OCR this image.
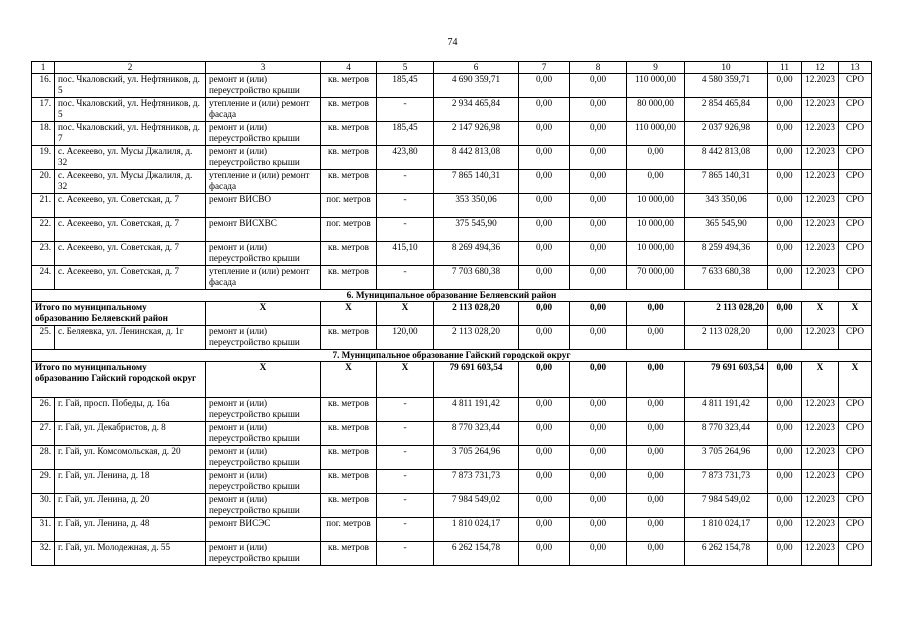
74
1	2	3	4	5	6	7	8	9	10	11	12	13
16.	пос. Чкаловский, ул. Нефтяников, д. 5	ремонт и (или) переустройство крыши	кв. метров	185,45	4 690 359,71	0,00	0,00	110 000,00	4 580 359,71	0,00	12.2023	СРО
17.	пос. Чкаловский, ул. Нефтяников, д. 5	утепление и (или) ремонт фасада	кв. метров	-	2 934 465,84	0,00	0,00	80 000,00	2 854 465,84	0,00	12.2023	СРО
18.	пос. Чкаловский, ул. Нефтяников, д. 7	ремонт и (или) переустройство крыши	кв. метров	185,45	2 147 926,98	0,00	0,00	110 000,00	2 037 926,98	0,00	12.2023	СРО
19.	с. Асекеево, ул. Мусы Джалиля, д. 32	ремонт и (или) переустройство крыши	кв. метров	423,80	8 442 813,08	0,00	0,00	0,00	8 442 813,08	0,00	12.2023	СРО
20.	с. Асекеево, ул. Мусы Джалиля, д. 32	утепление и (или) ремонт фасада	кв. метров	-	7 865 140,31	0,00	0,00	0,00	7 865 140,31	0,00	12.2023	СРО
21.	с. Асекеево, ул. Советская, д. 7	ремонт ВИСВО	пог. метров	-	353 350,06	0,00	0,00	10 000,00	343 350,06	0,00	12.2023	СРО
22.	с. Асекеево, ул. Советская, д. 7	ремонт ВИСХВС	пог. метров	-	375 545,90	0,00	0,00	10 000,00	365 545,90	0,00	12.2023	СРО
23.	с. Асекеево, ул. Советская, д. 7	ремонт и (или) переустройство крыши	кв. метров	415,10	8 269 494,36	0,00	0,00	10 000,00	8 259 494,36	0,00	12.2023	СРО
24.	с. Асекеево, ул. Советская, д. 7	утепление и (или) ремонт фасада	кв. метров	-	7 703 680,38	0,00	0,00	70 000,00	7 633 680,38	0,00	12.2023	СРО
6. Муниципальное образование Беляевский район												
Итого по муниципальному образованию Беляевский район		Х	Х	Х	2 113 028,20	0,00	0,00	0,00	2 113 028,20	0,00	Х	Х
25.	с. Беляевка, ул. Ленинская, д. 1г	ремонт и (или) переустройство крыши	кв. метров	120,00	2 113 028,20	0,00	0,00	0,00	2 113 028,20	0,00	12.2023	СРО
7. Муниципальное образование Гайский городской округ												
Итого по муниципальному образованию Гайский городской округ		Х	Х	Х	79 691 603,54	0,00	0,00	0,00	79 691 603,54	0,00	Х	Х
26.	г. Гай, просп. Победы, д. 16а	ремонт и (или) переустройство крыши	кв. метров	-	4 811 191,42	0,00	0,00	0,00	4 811 191,42	0,00	12.2023	СРО
27.	г. Гай, ул. Декабристов, д. 8	ремонт и (или) переустройство крыши	кв. метров	-	8 770 323,44	0,00	0,00	0,00	8 770 323,44	0,00	12.2023	СРО
28.	г. Гай, ул. Комсомольская, д. 20	ремонт и (или) переустройство крыши	кв. метров	-	3 705 264,96	0,00	0,00	0,00	3 705 264,96	0,00	12.2023	СРО
29.	г. Гай, ул. Ленина, д. 18	ремонт и (или) переустройство крыши	кв. метров	-	7 873 731,73	0,00	0,00	0,00	7 873 731,73	0,00	12.2023	СРО
30.	г. Гай, ул. Ленина, д. 20	ремонт и (или) переустройство крыши	кв. метров	-	7 984 549,02	0,00	0,00	0,00	7 984 549,02	0,00	12.2023	СРО
31.	г. Гай, ул. Ленина, д. 48	ремонт ВИСЭС	пог. метров	-	1 810 024,17	0,00	0,00	0,00	1 810 024,17	0,00	12.2023	СРО
32.	г. Гай, ул. Молодежная, д. 55	ремонт и (или) переустройство крыши	кв. метров	-	6 262 154,78	0,00	0,00	0,00	6 262 154,78	0,00	12.2023	СРО
